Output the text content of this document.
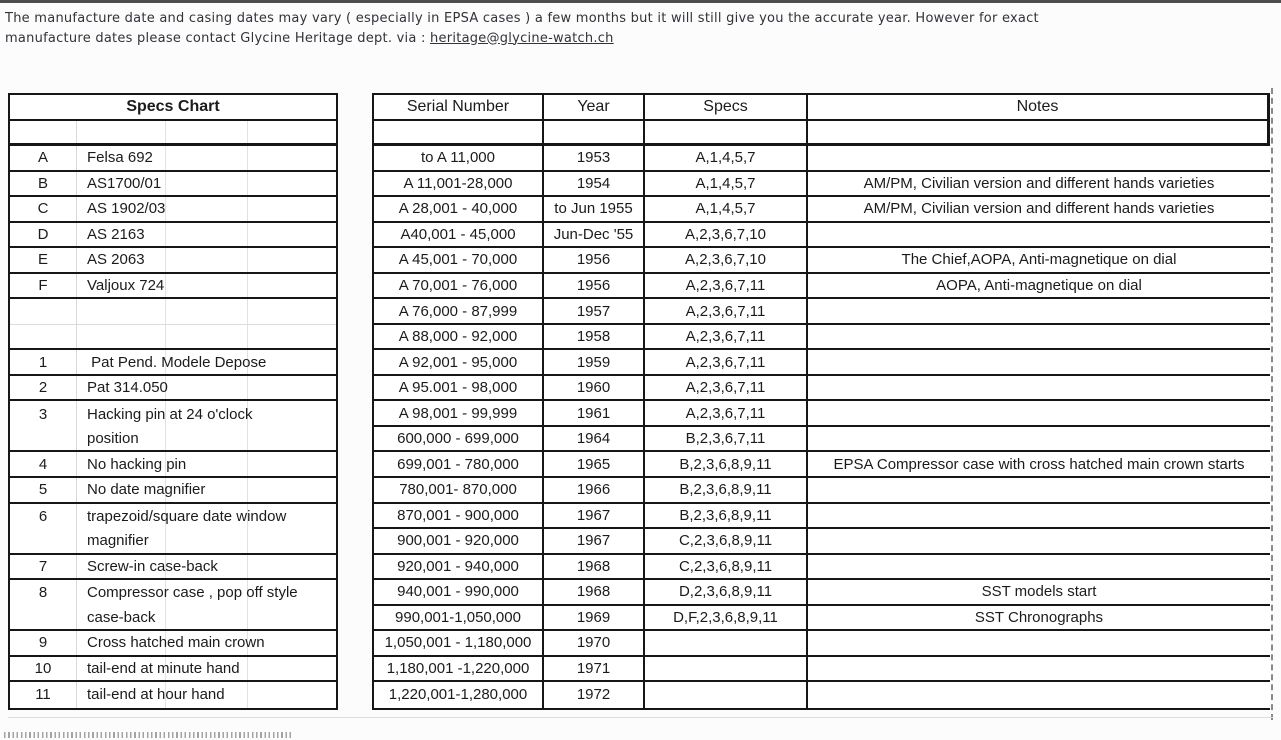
The manufacture date and casing dates may vary ( especially in EPSA cases ) a few months but it will still give you the accurate year. However for exact
manufacture dates please contact Glycine Heritage dept. via : heritage@glycine-watch.ch
Specs Chart
A	Felsa 692
B	AS1700/01
C	AS 1902/03
D	AS 2163
E	AS 2063
F	Valjoux 724
1	Pat Pend. Modele Depose
2	Pat 314.050
3	Hacking pin at 24 o'clock
position
4	No hacking pin
5	No date magnifier
6	trapezoid/square date window
magnifier
7	Screw-in case-back
8	Compressor case , pop off style
case-back
9	Cross hatched main crown
10	tail-end at minute hand
11	tail-end at hour hand
Serial Number	Year	Specs	Notes
to A 11,000	1953	A,1,4,5,7
A 11,001-28,000	1954	A,1,4,5,7	AM/PM, Civilian version and different hands varieties
A 28,001 - 40,000	to Jun 1955	A,1,4,5,7	AM/PM, Civilian version and different hands varieties
A40,001 - 45,000	Jun-Dec '55	A,2,3,6,7,10
A 45,001 - 70,000	1956	A,2,3,6,7,10	The Chief,AOPA, Anti-magnetique on dial
A 70,001 - 76,000	1956	A,2,3,6,7,11	AOPA, Anti-magnetique on dial
A 76,000 - 87,999	1957	A,2,3,6,7,11
A 88,000 - 92,000	1958	A,2,3,6,7,11
A 92,001 - 95,000	1959	A,2,3,6,7,11
A 95.001 - 98,000	1960	A,2,3,6,7,11
A 98,001 - 99,999	1961	A,2,3,6,7,11
600,000 - 699,000	1964	B,2,3,6,7,11
699,001 - 780,000	1965	B,2,3,6,8,9,11	EPSA Compressor case with cross hatched main crown starts
780,001- 870,000	1966	B,2,3,6,8,9,11
870,001 - 900,000	1967	B,2,3,6,8,9,11
900,001 - 920,000	1967	C,2,3,6,8,9,11
920,001 - 940,000	1968	C,2,3,6,8,9,11
940,001 - 990,000	1968	D,2,3,6,8,9,11	SST models start
990,001-1,050,000	1969	D,F,2,3,6,8,9,11	SST Chronographs
1,050,001 - 1,180,000	1970
1,180,001 -1,220,000	1971
1,220,001-1,280,000	1972
